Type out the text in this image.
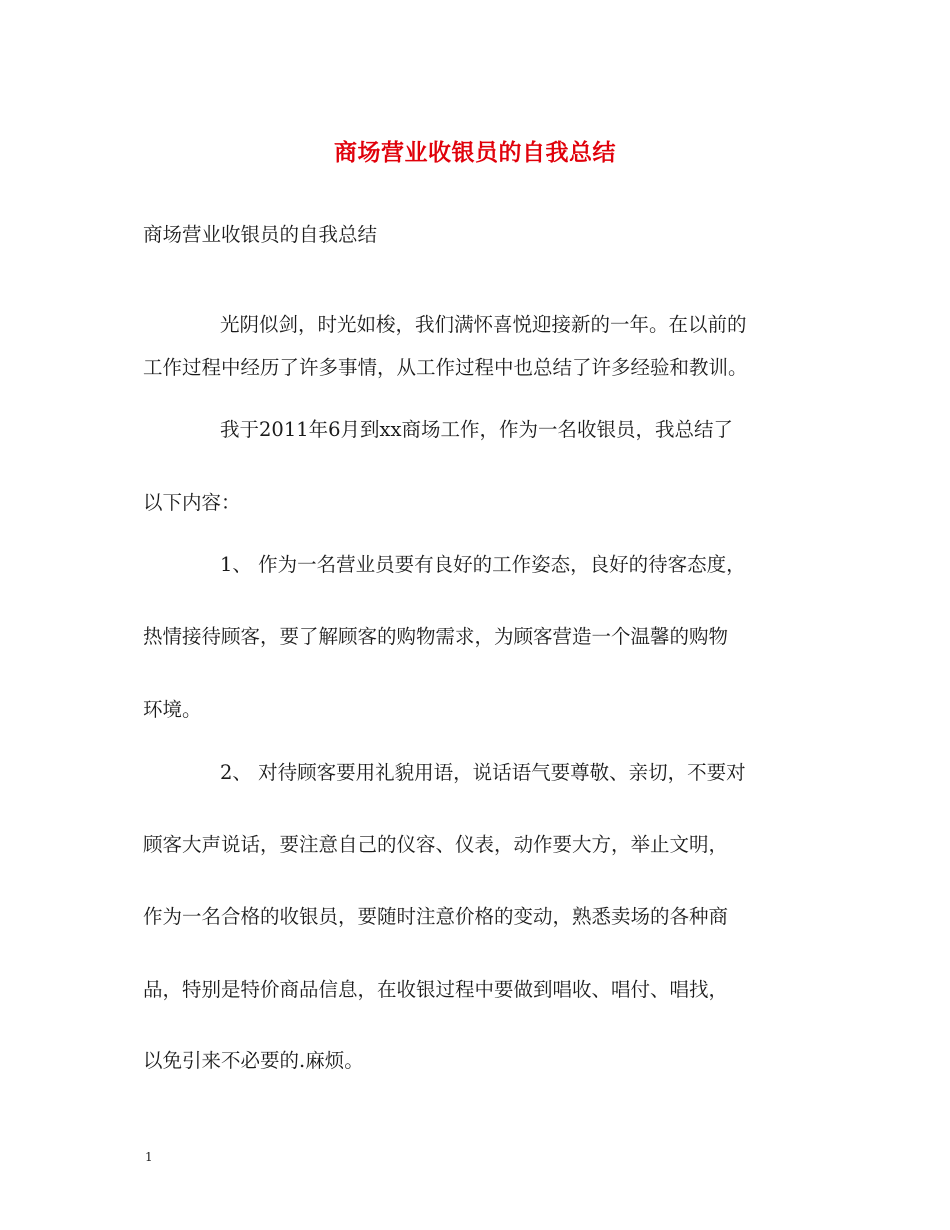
商场营业收银员的自我总结
商场营业收银员的自我总结
光阴似剑，时光如梭，我们满怀喜悦迎接新的一年。在以前的
工作过程中经历了许多事情，从工作过程中也总结了许多经验和教训。
我于2011年6月到xx商场工作，作为一名收银员，我总结了
以下内容：
1、 作为一名营业员要有良好的工作姿态，良好的待客态度，
热情接待顾客，要了解顾客的购物需求，为顾客营造一个温馨的购物
环境。
2、 对待顾客要用礼貌用语，说话语气要尊敬、亲切，不要对
顾客大声说话，要注意自己的仪容、仪表，动作要大方，举止文明，
作为一名合格的收银员，要随时注意价格的变动，熟悉卖场的各种商
品，特别是特价商品信息，在收银过程中要做到唱收、唱付、唱找，
以免引来不必要的.麻烦。
1
